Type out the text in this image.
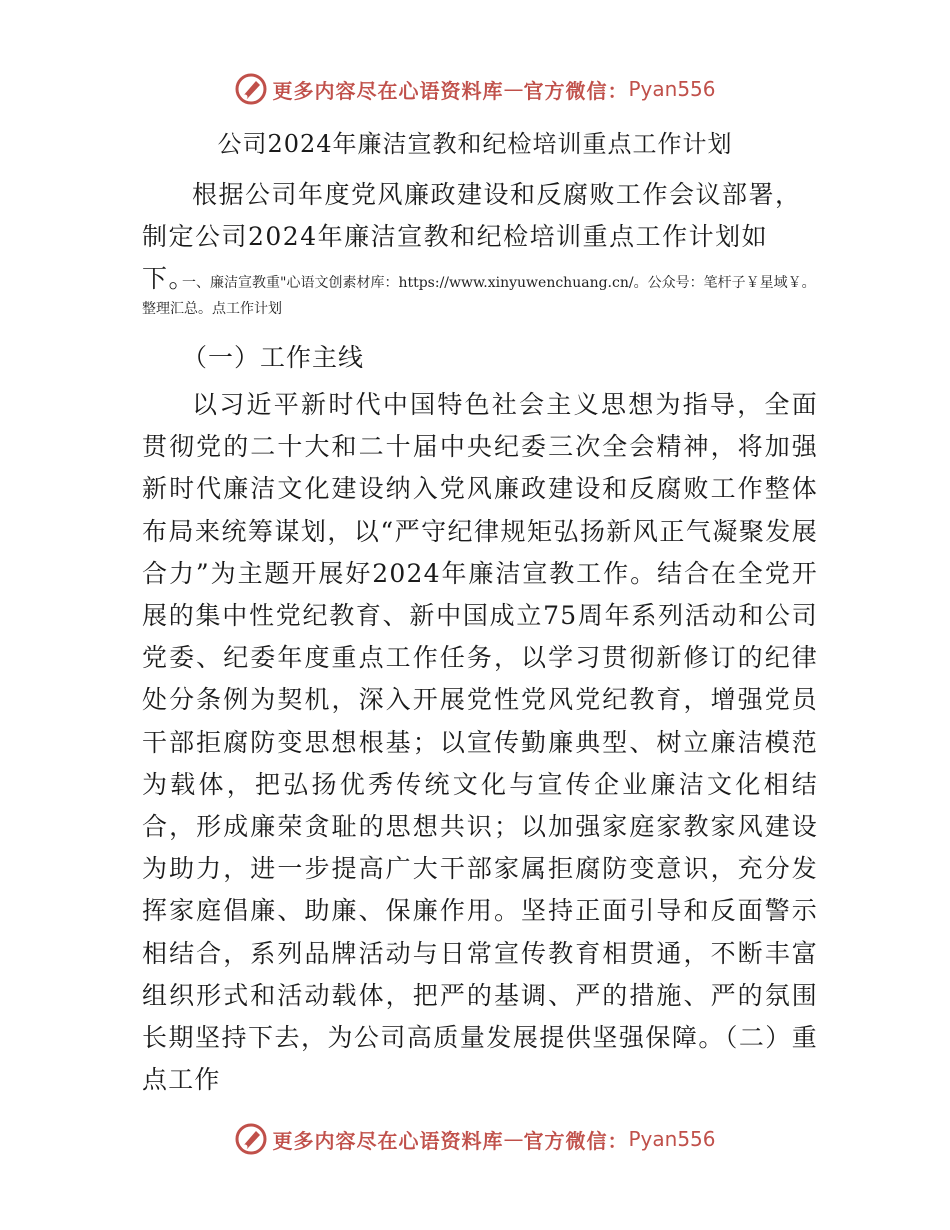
更多内容尽在心语资料库 — 官方微信： Pyan556
公司2024年廉洁宣教和纪检培训重点工作计划

根据公司年度党风廉政建设和反腐败工作会议部署，制定公司2024年廉洁宣教和纪检培训重点工作计划如下。

一、廉洁宣教重"心语文创素材库：https://www.xinyuwenchuang.cn/。公众号：笔杆子￥星域￥。整理汇总。点工作计划

（一）工作主线

以习近平新时代中国特色社会主义思想为指导，全面贯彻党的二十大和二十届中央纪委三次全会精神，将加强新时代廉洁文化建设纳入党风廉政建设和反腐败工作整体布局来统筹谋划，以“严守纪律规矩弘扬新风正气凝聚发展合力”为主题开展好2024年廉洁宣教工作。结合在全党开展的集中性党纪教育、新中国成立75周年系列活动和公司党委、纪委年度重点工作任务，以学习贯彻新修订的纪律处分条例为契机，深入开展党性党风党纪教育，增强党员干部拒腐防变思想根基；以宣传勤廉典型、树立廉洁模范为载体，把弘扬优秀传统文化与宣传企业廉洁文化相结合，形成廉荣贪耻的思想共识；以加强家庭家教家风建设为助力，进一步提高广大干部家属拒腐防变意识，充分发挥家庭倡廉、助廉、保廉作用。坚持正面引导和反面警示相结合，系列品牌活动与日常宣传教育相贯通，不断丰富组织形式和活动载体，把严的基调、严的措施、严的氛围长期坚持下去，为公司高质量发展提供坚强保障。（二）重点工作

更多内容尽在心语资料库 — 官方微信： Pyan556
